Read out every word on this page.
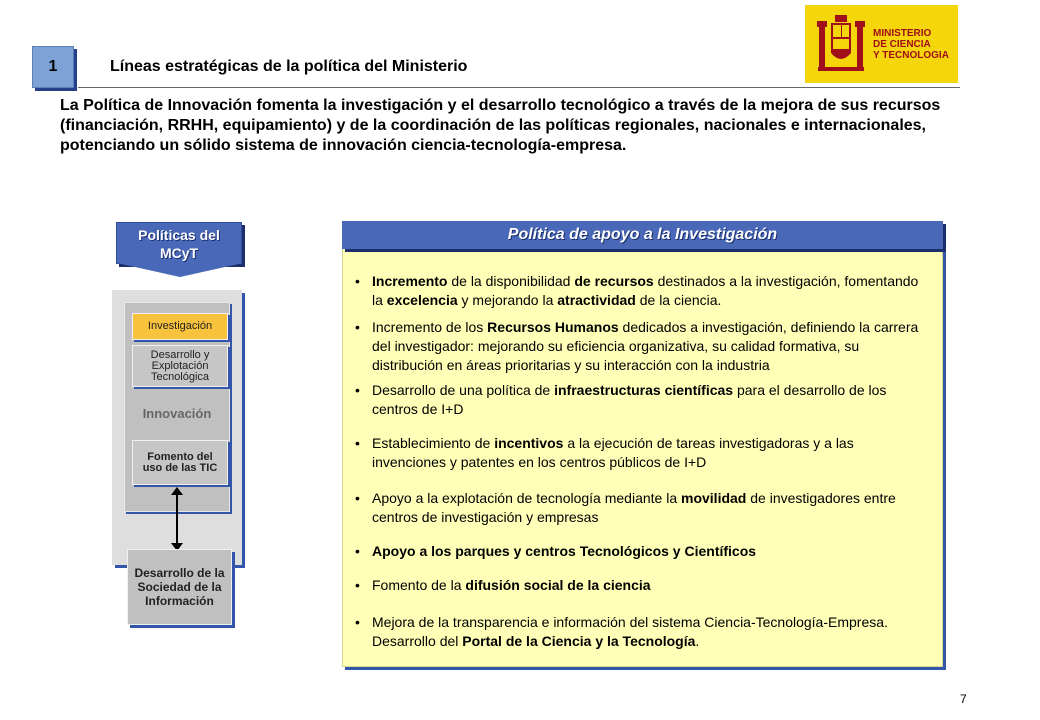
1	Líneas estratégicas de la política del Ministerio
MINISTERIO
DE CIENCIA
Y TECNOLOGIA
La Política de Innovación fomenta la investigación y el desarrollo tecnológico a través de la mejora de sus recursos (financiación, RRHH, equipamiento) y de la coordinación de las políticas regionales, nacionales e internacionales, potenciando un sólido sistema de innovación ciencia-tecnología-empresa.
Políticas del
MCyT
Innovación
Investigación
Desarrollo y Explotación Tecnológica
Fomento del uso de las TIC
Desarrollo de la Sociedad de la Información
Política de apoyo a la Investigación
• Incremento de la disponibilidad de recursos destinados a la investigación, fomentando la excelencia y mejorando la atractividad de la ciencia.
• Incremento de los Recursos Humanos dedicados a investigación, definiendo la carrera del investigador: mejorando su eficiencia organizativa, su calidad formativa, su distribución en áreas prioritarias y su interacción con la industria
• Desarrollo de una política de infraestructuras científicas para el desarrollo de los centros de I+D
• Establecimiento de incentivos a la ejecución de tareas investigadoras y a las invenciones y patentes en los centros públicos de I+D
• Apoyo a la explotación de tecnología mediante la movilidad de investigadores entre centros de investigación y empresas
• Apoyo a los parques y centros Tecnológicos y Científicos
• Fomento de la difusión social de la ciencia
• Mejora de la transparencia e información del sistema Ciencia-Tecnología-Empresa. Desarrollo del Portal de la Ciencia y la Tecnología.
7
